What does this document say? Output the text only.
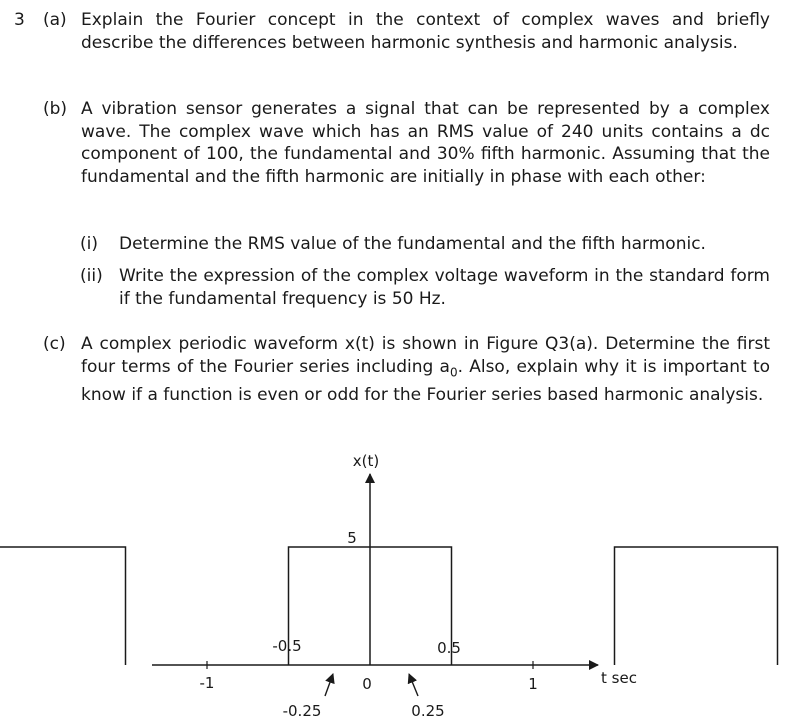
3 (a) Explain the Fourier concept in the context of complex waves and briefly describe the differences between harmonic synthesis and harmonic analysis.
(b) A vibration sensor generates a signal that can be represented by a complex wave. The complex wave which has an RMS value of 240 units contains a dc component of 100, the fundamental and 30% fifth harmonic. Assuming that the fundamental and the fifth harmonic are initially in phase with each other:
(i) Determine the RMS value of the fundamental and the fifth harmonic.
(ii) Write the expression of the complex voltage waveform in the standard form if the fundamental frequency is 50 Hz.
(c) A complex periodic waveform x(t) is shown in Figure Q3(a). Determine the first four terms of the Fourier series including $a_0$. Also, explain why it is important to know if a function is even or odd for the Fourier series based harmonic analysis.
x(t)
5
-0.5	0.5
-1	1
0
-0.25	0.25
t sec
